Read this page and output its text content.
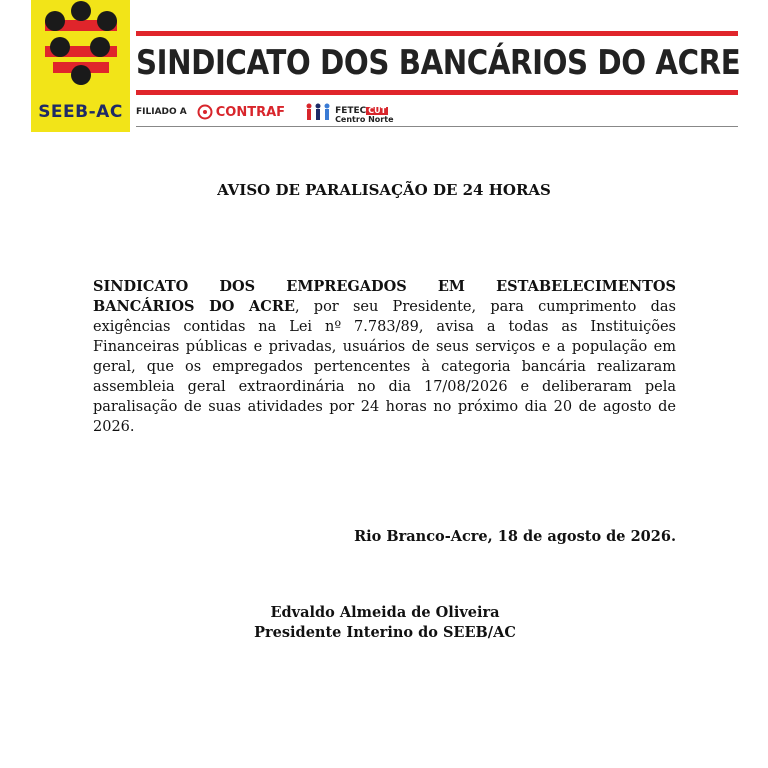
SEEB-AC
SINDICATO DOS BANCÁRIOS DO ACRE
FILIADO A CONTRAF	FETEC CUT
Centro Norte
AVISO DE PARALISAÇÃO DE 24 HORAS
SINDICATO DOS EMPREGADOS EM ESTABELECIMENTOS BANCÁRIOS DO ACRE, por seu Presidente, para cumprimento das exigências contidas na Lei nº 7.783/89, avisa a todas as Instituições Financeiras públicas e privadas, usuários de seus serviços e a população em geral, que os empregados pertencentes à categoria bancária realizaram assembleia geral extraordinária no dia 17/08/2026 e deliberaram pela paralisação de suas atividades por 24 horas no próximo dia 20 de agosto de 2026.
Rio Branco-Acre, 18 de agosto de 2026.
Edvaldo Almeida de Oliveira
Presidente Interino do SEEB/AC
